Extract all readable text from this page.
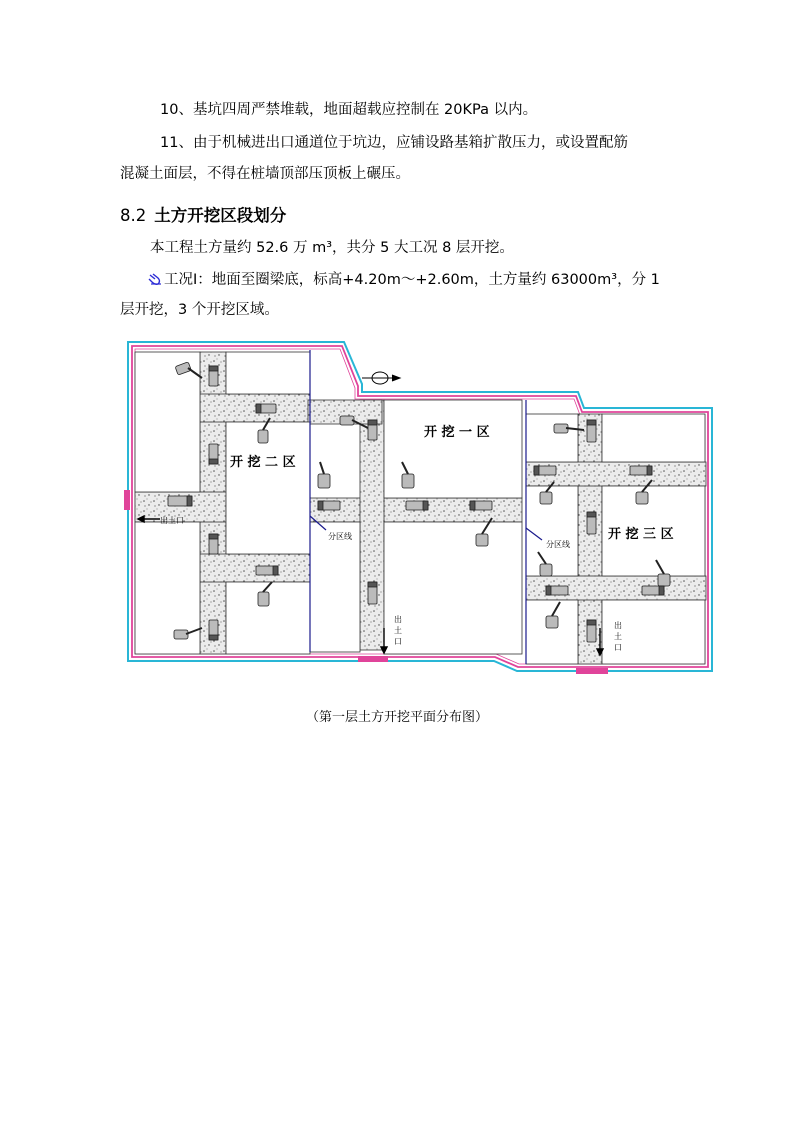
10、基坑四周严禁堆载，地面超载应控制在 20KPa 以内。
11、由于机械进出口通道位于坑边，应铺设路基箱扩散压力，或设置配筋
混凝土面层，不得在桩墙顶部压顶板上碾压。
8.2 土方开挖区段划分
本工程土方量约 52.6 万 m³，共分 5 大工况 8 层开挖。
工况Ⅰ：地面至圈梁底，标高+4.20m～+2.60m，土方量约 63000m³，分 1
层开挖，3 个开挖区域。
开 挖 二 区
开 挖 一 区
开 挖 三 区
分区线
分区线
出土口
出
土
口
出
土
口
（第一层土方开挖平面分布图）
